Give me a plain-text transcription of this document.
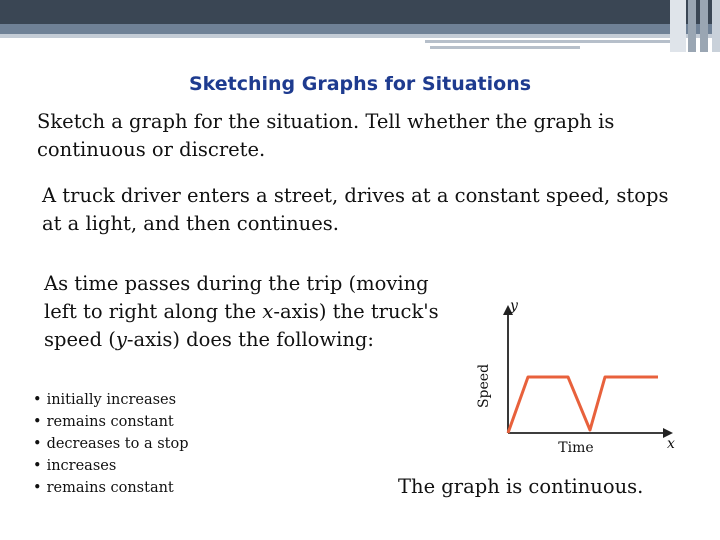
Sketching Graphs for Situations

Sketch a graph for the situation. Tell whether the graph is continuous or discrete.

A truck driver enters a street, drives at a constant speed, stops at a light, and then continues.

As time passes during the trip (moving left to right along the x-axis) the truck's speed (y-axis) does the following:

• initially increases
• remains constant
• decreases to a stop
• increases
• remains constant
y
x
Speed
Time

The graph is continuous.
